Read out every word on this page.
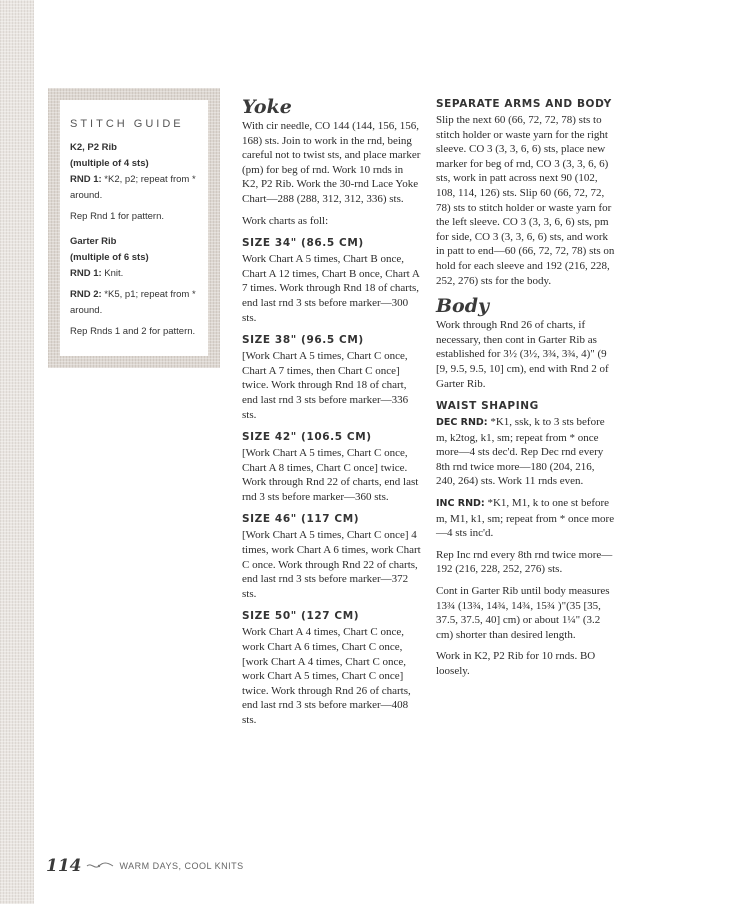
STITCH GUIDE
K2, P2 Rib
(multiple of 4 sts)
RND 1: *K2, p2; repeat from * around.
Rep Rnd 1 for pattern.
Garter Rib
(multiple of 6 sts)
RND 1: Knit.
RND 2: *K5, p1; repeat from * around.
Rep Rnds 1 and 2 for pattern.
Yoke

With cir needle, CO 144 (144, 156, 156, 168) sts. Join to work in the rnd, being careful not to twist sts, and place marker (pm) for beg of rnd. Work 10 rnds in K2, P2 Rib. Work the 30-rnd Lace Yoke Chart—288 (288, 312, 312, 336) sts.

Work charts as foll:

SIZE 34" (86.5 CM)

Work Chart A 5 times, Chart B once, Chart A 12 times, Chart B once, Chart A 7 times. Work through Rnd 18 of charts, end last rnd 3 sts before marker—300 sts.

SIZE 38" (96.5 CM)

[Work Chart A 5 times, Chart C once, Chart A 7 times, then Chart C once] twice. Work through Rnd 18 of chart, end last rnd 3 sts before marker—336 sts.

SIZE 42" (106.5 CM)

[Work Chart A 5 times, Chart C once, Chart A 8 times, Chart C once] twice. Work through Rnd 22 of charts, end last rnd 3 sts before marker—360 sts.

SIZE 46" (117 CM)

[Work Chart A 5 times, Chart C once] 4 times, work Chart A 6 times, work Chart C once. Work through Rnd 22 of charts, end last rnd 3 sts before marker—372 sts.

SIZE 50" (127 CM)

Work Chart A 4 times, Chart C once, work Chart A 6 times, Chart C once, [work Chart A 4 times, Chart C once, work Chart A 5 times, Chart C once] twice. Work through Rnd 26 of charts, end last rnd 3 sts before marker—408 sts.

SEPARATE ARMS AND BODY

Slip the next 60 (66, 72, 72, 78) sts to stitch holder or waste yarn for the right sleeve. CO 3 (3, 3, 6, 6) sts, place new marker for beg of rnd, CO 3 (3, 3, 6, 6) sts, work in patt across next 90 (102, 108, 114, 126) sts. Slip 60 (66, 72, 72, 78) sts to stitch holder or waste yarn for the left sleeve. CO 3 (3, 3, 6, 6) sts, pm for side, CO 3 (3, 3, 6, 6) sts, and work in patt to end—60 (66, 72, 72, 78) sts on hold for each sleeve and 192 (216, 228, 252, 276) sts for the body.

Body

Work through Rnd 26 of charts, if necessary, then cont in Garter Rib as established for 3½ (3½, 3¾, 3¾, 4)" (9 [9, 9.5, 9.5, 10] cm), end with Rnd 2 of Garter Rib.

WAIST SHAPING

DEC RND: *K1, ssk, k to 3 sts before m, k2tog, k1, sm; repeat from * once more—4 sts dec'd. Rep Dec rnd every 8th rnd twice more—180 (204, 216, 240, 264) sts. Work 11 rnds even.

INC RND: *K1, M1, k to one st before m, M1, k1, sm; repeat from * once more—4 sts inc'd.

Rep Inc rnd every 8th rnd twice more—192 (216, 228, 252, 276) sts.

Cont in Garter Rib until body measures 13¾ (13¾, 14¾, 14¾, 15¾ )"(35 [35, 37.5, 37.5, 40] cm) or about 1¼" (3.2 cm) shorter than desired length.

Work in K2, P2 Rib for 10 rnds. BO loosely.

114	WARM DAYS, COOL KNITS
